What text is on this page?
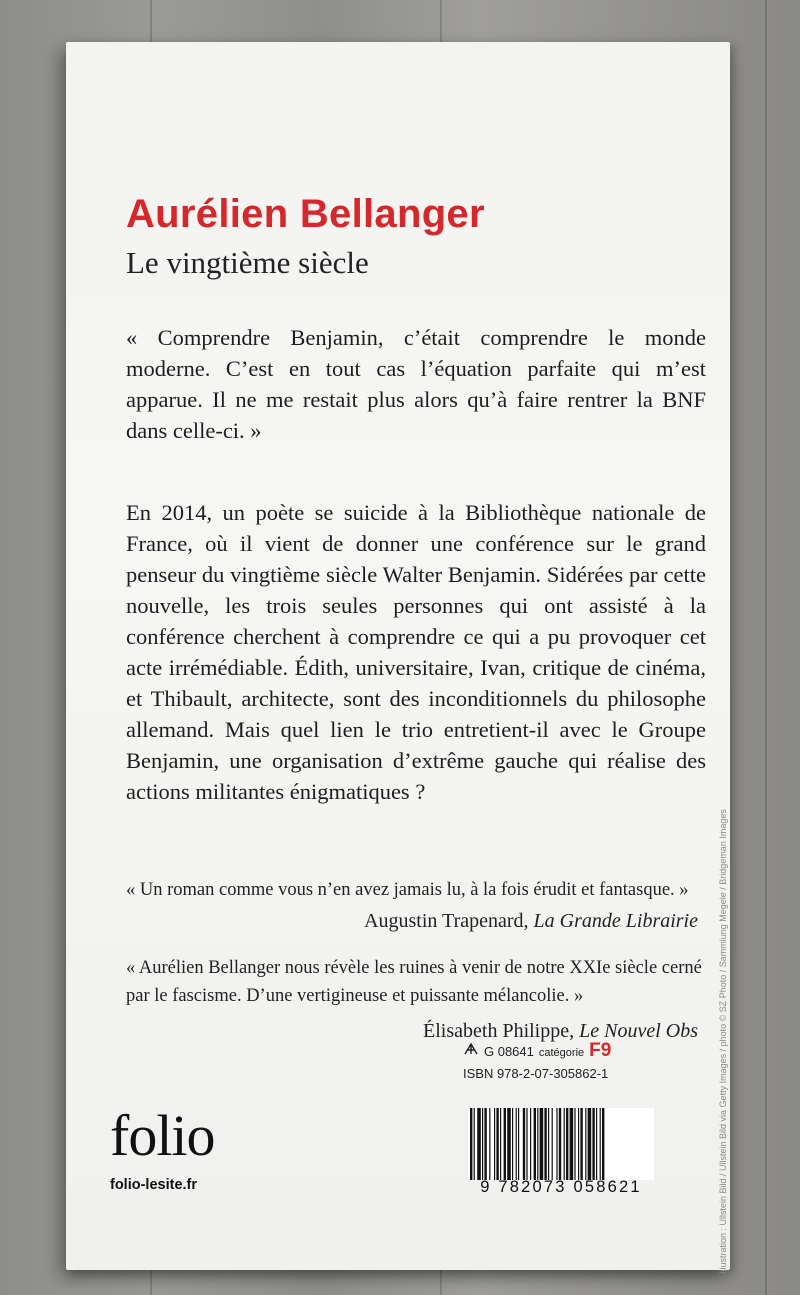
Aurélien Bellanger
Le vingtième siècle
« Comprendre Benjamin, c’était comprendre le monde moderne. C’est en tout cas l’équation parfaite qui m’est apparue. Il ne me restait plus alors qu’à faire rentrer la BNF dans celle-ci. »
En 2014, un poète se suicide à la Bibliothèque nationale de France, où il vient de donner une conférence sur le grand penseur du vingtième siècle Walter Benjamin. Sidérées par cette nouvelle, les trois seules personnes qui ont assisté à la conférence cherchent à comprendre ce qui a pu provoquer cet acte irrémédiable. Édith, universitaire, Ivan, critique de cinéma, et Thibault, architecte, sont des inconditionnels du philosophe allemand. Mais quel lien le trio entretient-il avec le Groupe Benjamin, une organisation d’extrême gauche qui réalise des actions militantes énigmatiques ?
« Un roman comme vous n’en avez jamais lu, à la fois érudit et fantasque. »
Augustin Trapenard, La Grande Librairie
« Aurélien Bellanger nous révèle les ruines à venir de notre XXIe siècle cerné par le fascisme. D’une vertigineuse et puissante mélancolie. »
Élisabeth Philippe, Le Nouvel Obs
G 08641 catégorie F9
ISBN 978-2-07-305862-1
9 782073 058621
folio
folio-lesite.fr	Illustration : Ullstein Bild / Ullstein Bild via Getty Images / photo © SZ Photo / Sammlung Megele / Bridgeman Images
